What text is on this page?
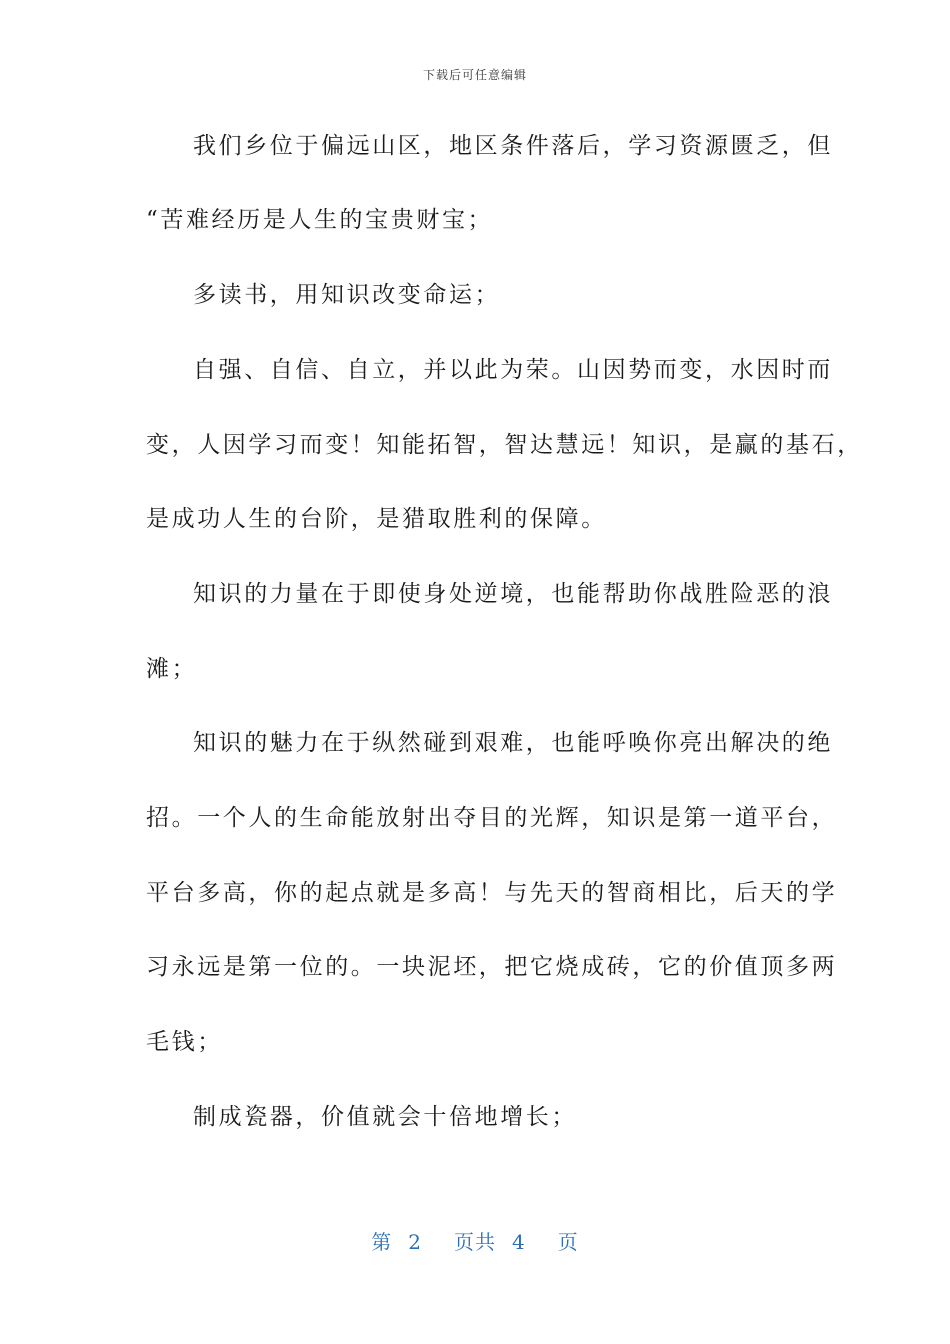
下载后可任意编辑
我们乡位于偏远山区，地区条件落后，学习资源匮乏，但
“苦难经历是人生的宝贵财宝；
多读书，用知识改变命运；
自强、自信、自立，并以此为荣。山因势而变，水因时而
变，人因学习而变！知能拓智，智达慧远！知识，是赢的基石，
是成功人生的台阶，是猎取胜利的保障。
知识的力量在于即使身处逆境，也能帮助你战胜险恶的浪
滩；
知识的魅力在于纵然碰到艰难，也能呼唤你亮出解决的绝
招。一个人的生命能放射出夺目的光辉，知识是第一道平台，
平台多高，你的起点就是多高！与先天的智商相比，后天的学
习永远是第一位的。一块泥坯，把它烧成砖，它的价值顶多两
毛钱；
制成瓷器，价值就会十倍地增长；
第 2 页共 4 页
